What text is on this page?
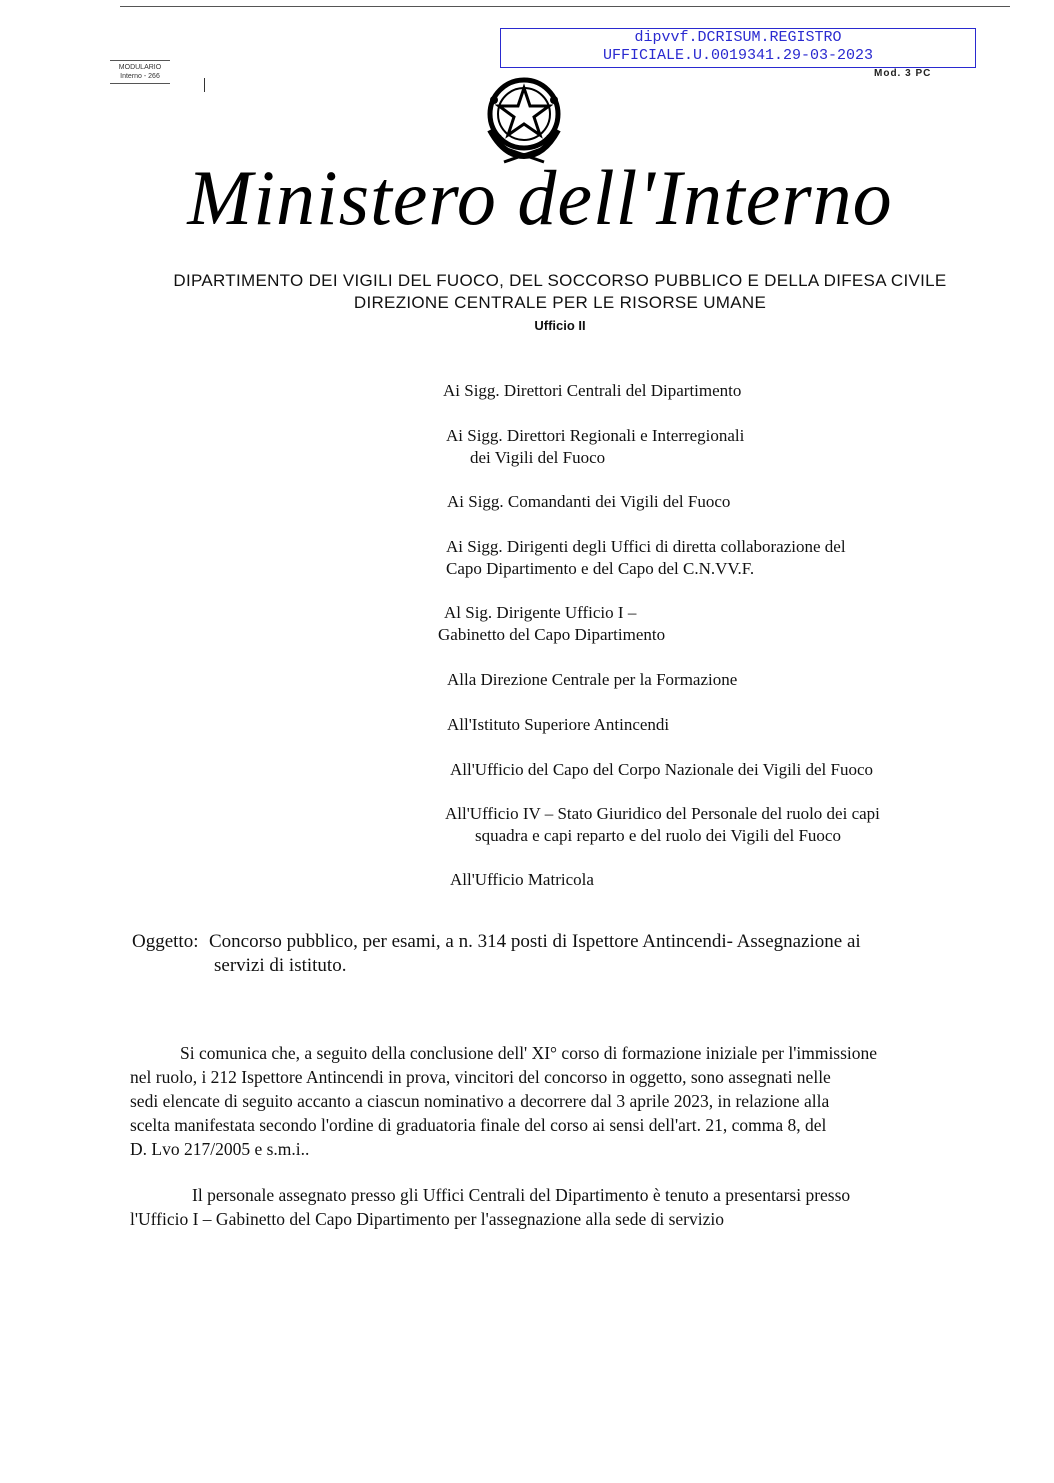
dipvvf.DCRISUM.REGISTRO
UFFICIALE.U.0019341.29-03-2023
MODULARIO
Interno - 266	Mod. 3 PC
Ministero dell'Interno
DIPARTIMENTO DEI VIGILI DEL FUOCO, DEL SOCCORSO PUBBLICO E DELLA DIFESA CIVILE
DIREZIONE CENTRALE PER LE RISORSE UMANE
Ufficio II
Ai Sigg. Direttori Centrali del Dipartimento
Ai Sigg. Direttori Regionali e Interregionali
dei Vigili del Fuoco
Ai Sigg. Comandanti dei Vigili del Fuoco
Ai Sigg. Dirigenti degli Uffici di diretta collaborazione del
Capo Dipartimento e del Capo del C.N.VV.F.
Al Sig. Dirigente Ufficio I –
Gabinetto del Capo Dipartimento
Alla Direzione Centrale per la Formazione
All'Istituto Superiore Antincendi
All'Ufficio del Capo del Corpo Nazionale dei Vigili del Fuoco
All'Ufficio IV – Stato Giuridico del Personale del ruolo dei capi
squadra e capi reparto e del ruolo dei Vigili del Fuoco
All'Ufficio Matricola
Oggetto: Concorso pubblico, per esami, a n. 314 posti di Ispettore Antincendi- Assegnazione ai
servizi di istituto.
Si comunica che, a seguito della conclusione dell' XI° corso di formazione iniziale per l'immissione
nel ruolo, i 212 Ispettore Antincendi in prova, vincitori del concorso in oggetto, sono assegnati nelle
sedi elencate di seguito accanto a ciascun nominativo a decorrere dal 3 aprile 2023, in relazione alla
scelta manifestata secondo l'ordine di graduatoria finale del corso ai sensi dell'art. 21, comma 8, del
D. Lvo 217/2005 e s.m.i..
Il personale assegnato presso gli Uffici Centrali del Dipartimento è tenuto a presentarsi presso
l'Ufficio I – Gabinetto del Capo Dipartimento per l'assegnazione alla sede di servizio
